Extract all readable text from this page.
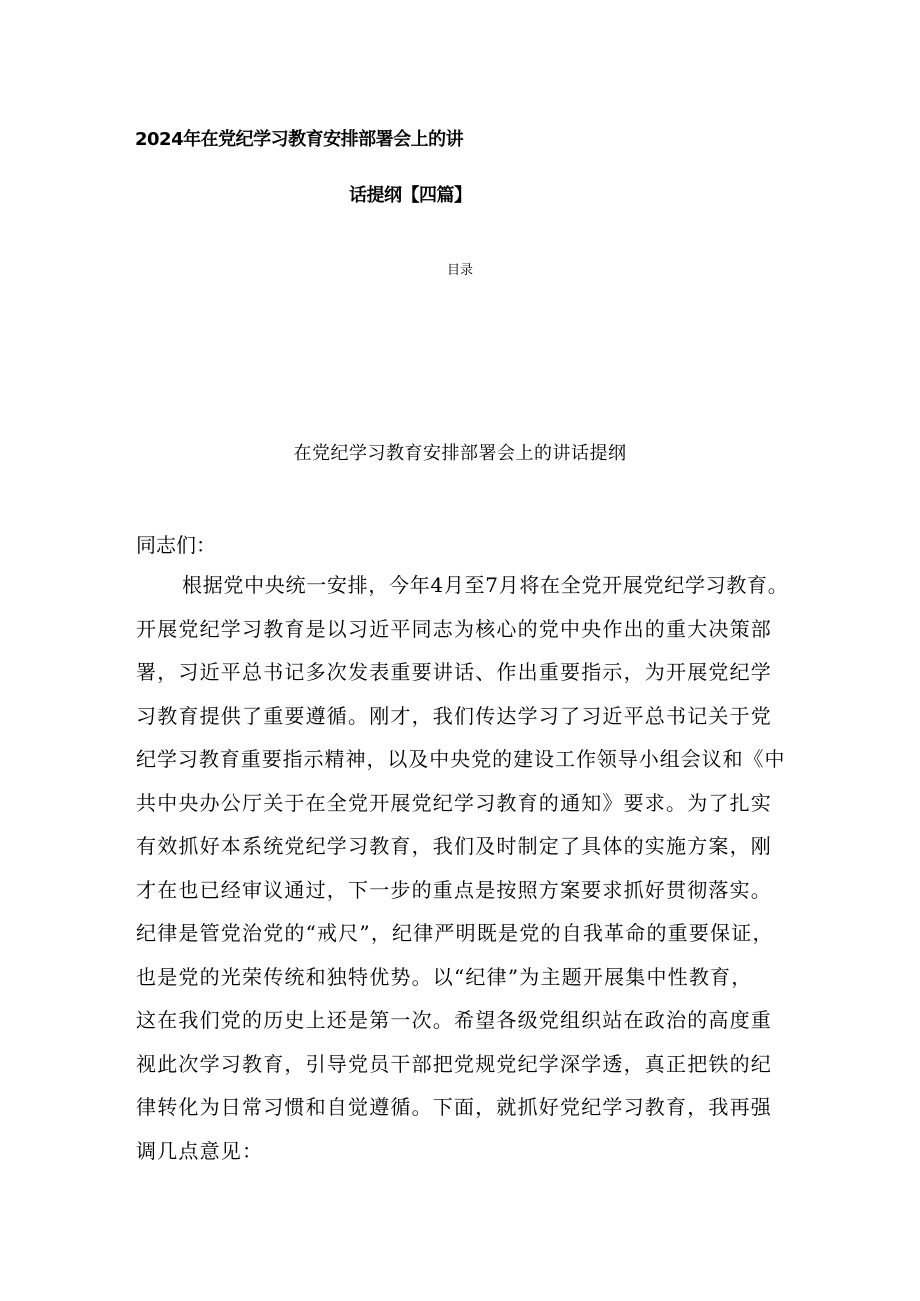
2024年在党纪学习教育安排部署会上的讲
话提纲【四篇】
目录
在党纪学习教育安排部署会上的讲话提纲
同志们：
根据党中央统一安排，今年4月至7月将在全党开展党纪学习教育。
开展党纪学习教育是以习近平同志为核心的党中央作出的重大决策部
署，习近平总书记多次发表重要讲话、作出重要指示，为开展党纪学
习教育提供了重要遵循。刚才，我们传达学习了习近平总书记关于党
纪学习教育重要指示精神，以及中央党的建设工作领导小组会议和《中
共中央办公厅关于在全党开展党纪学习教育的通知》要求。为了扎实
有效抓好本系统党纪学习教育，我们及时制定了具体的实施方案，刚
才在也已经审议通过，下一步的重点是按照方案要求抓好贯彻落实。
纪律是管党治党的“戒尺”，纪律严明既是党的自我革命的重要保证，
也是党的光荣传统和独特优势。以“纪律”为主题开展集中性教育，
这在我们党的历史上还是第一次。希望各级党组织站在政治的高度重
视此次学习教育，引导党员干部把党规党纪学深学透，真正把铁的纪
律转化为日常习惯和自觉遵循。下面，就抓好党纪学习教育，我再强
调几点意见：
